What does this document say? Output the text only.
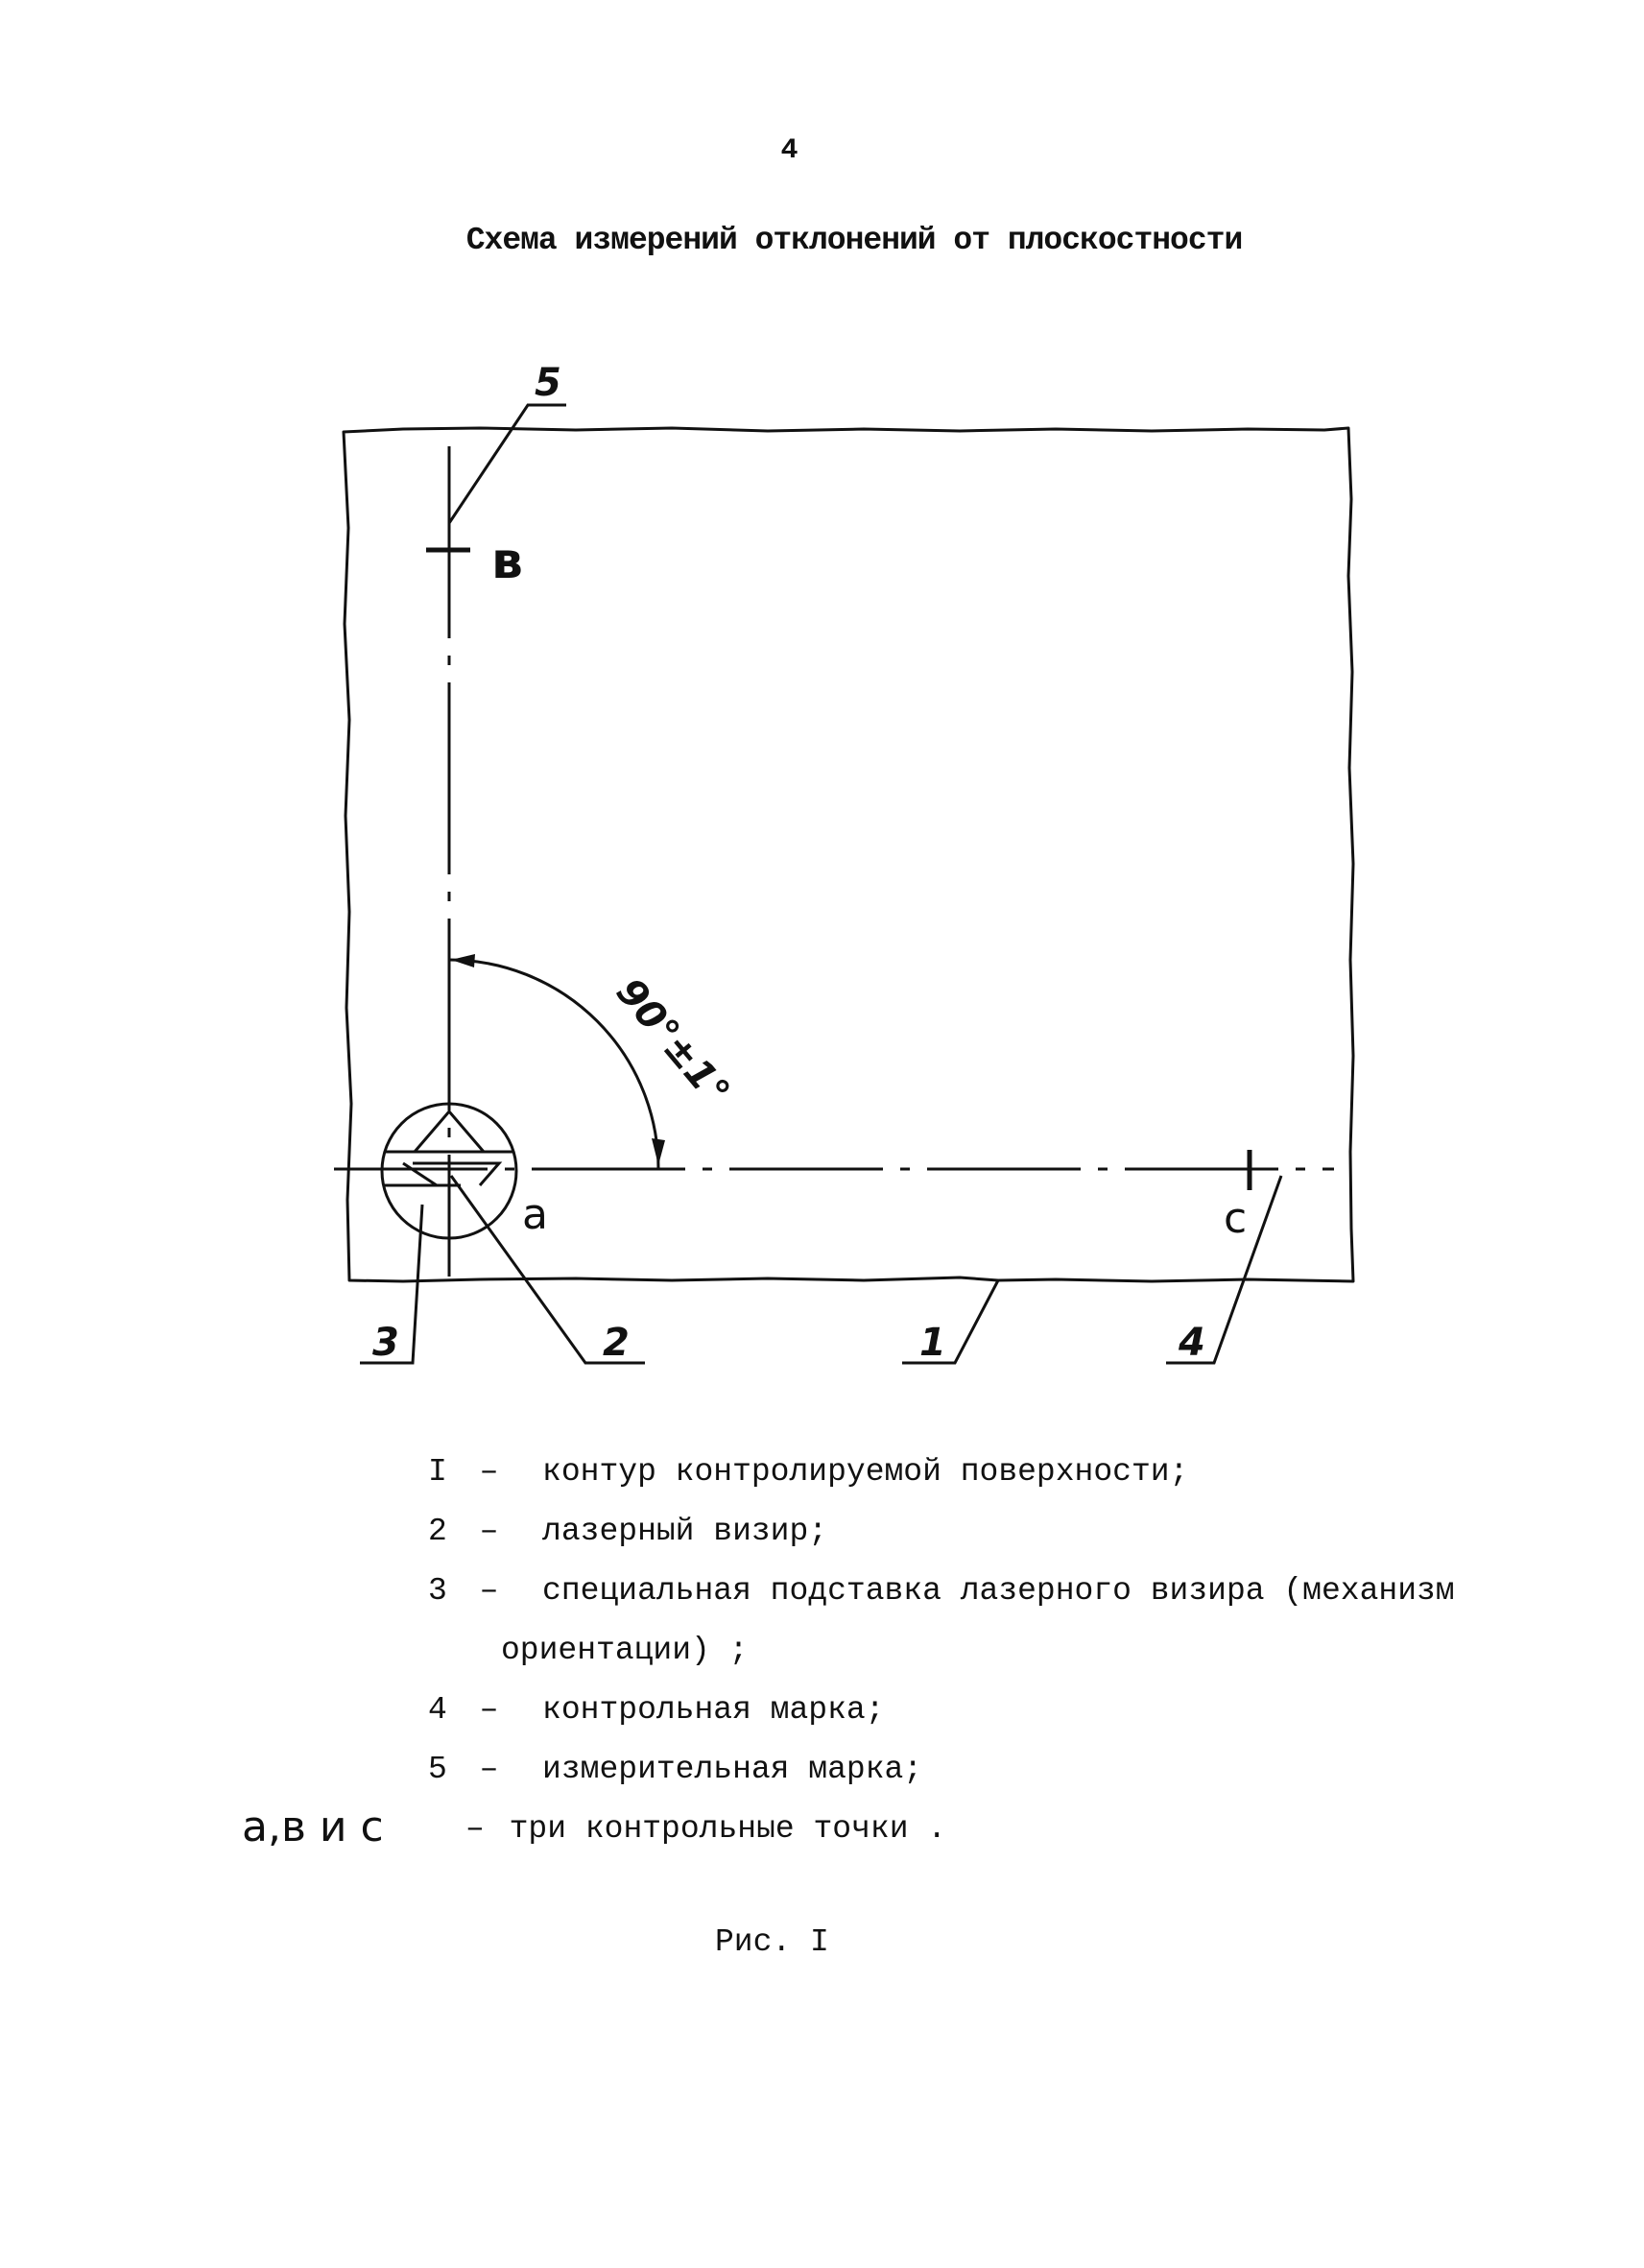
4
Схема измерений отклонений от плоскостности
90°±1°
5
3	2	1	4
в
a	c
I –  контур контролируемой поверхности;
2 –  лазерный визир;
3 –  специальная подставка лазерного визира (механизм
ориентации) ;
4 –  контрольная марка;
5 –  измерительная марка;
– три контрольные точки .
a,в и c
Рис. I
